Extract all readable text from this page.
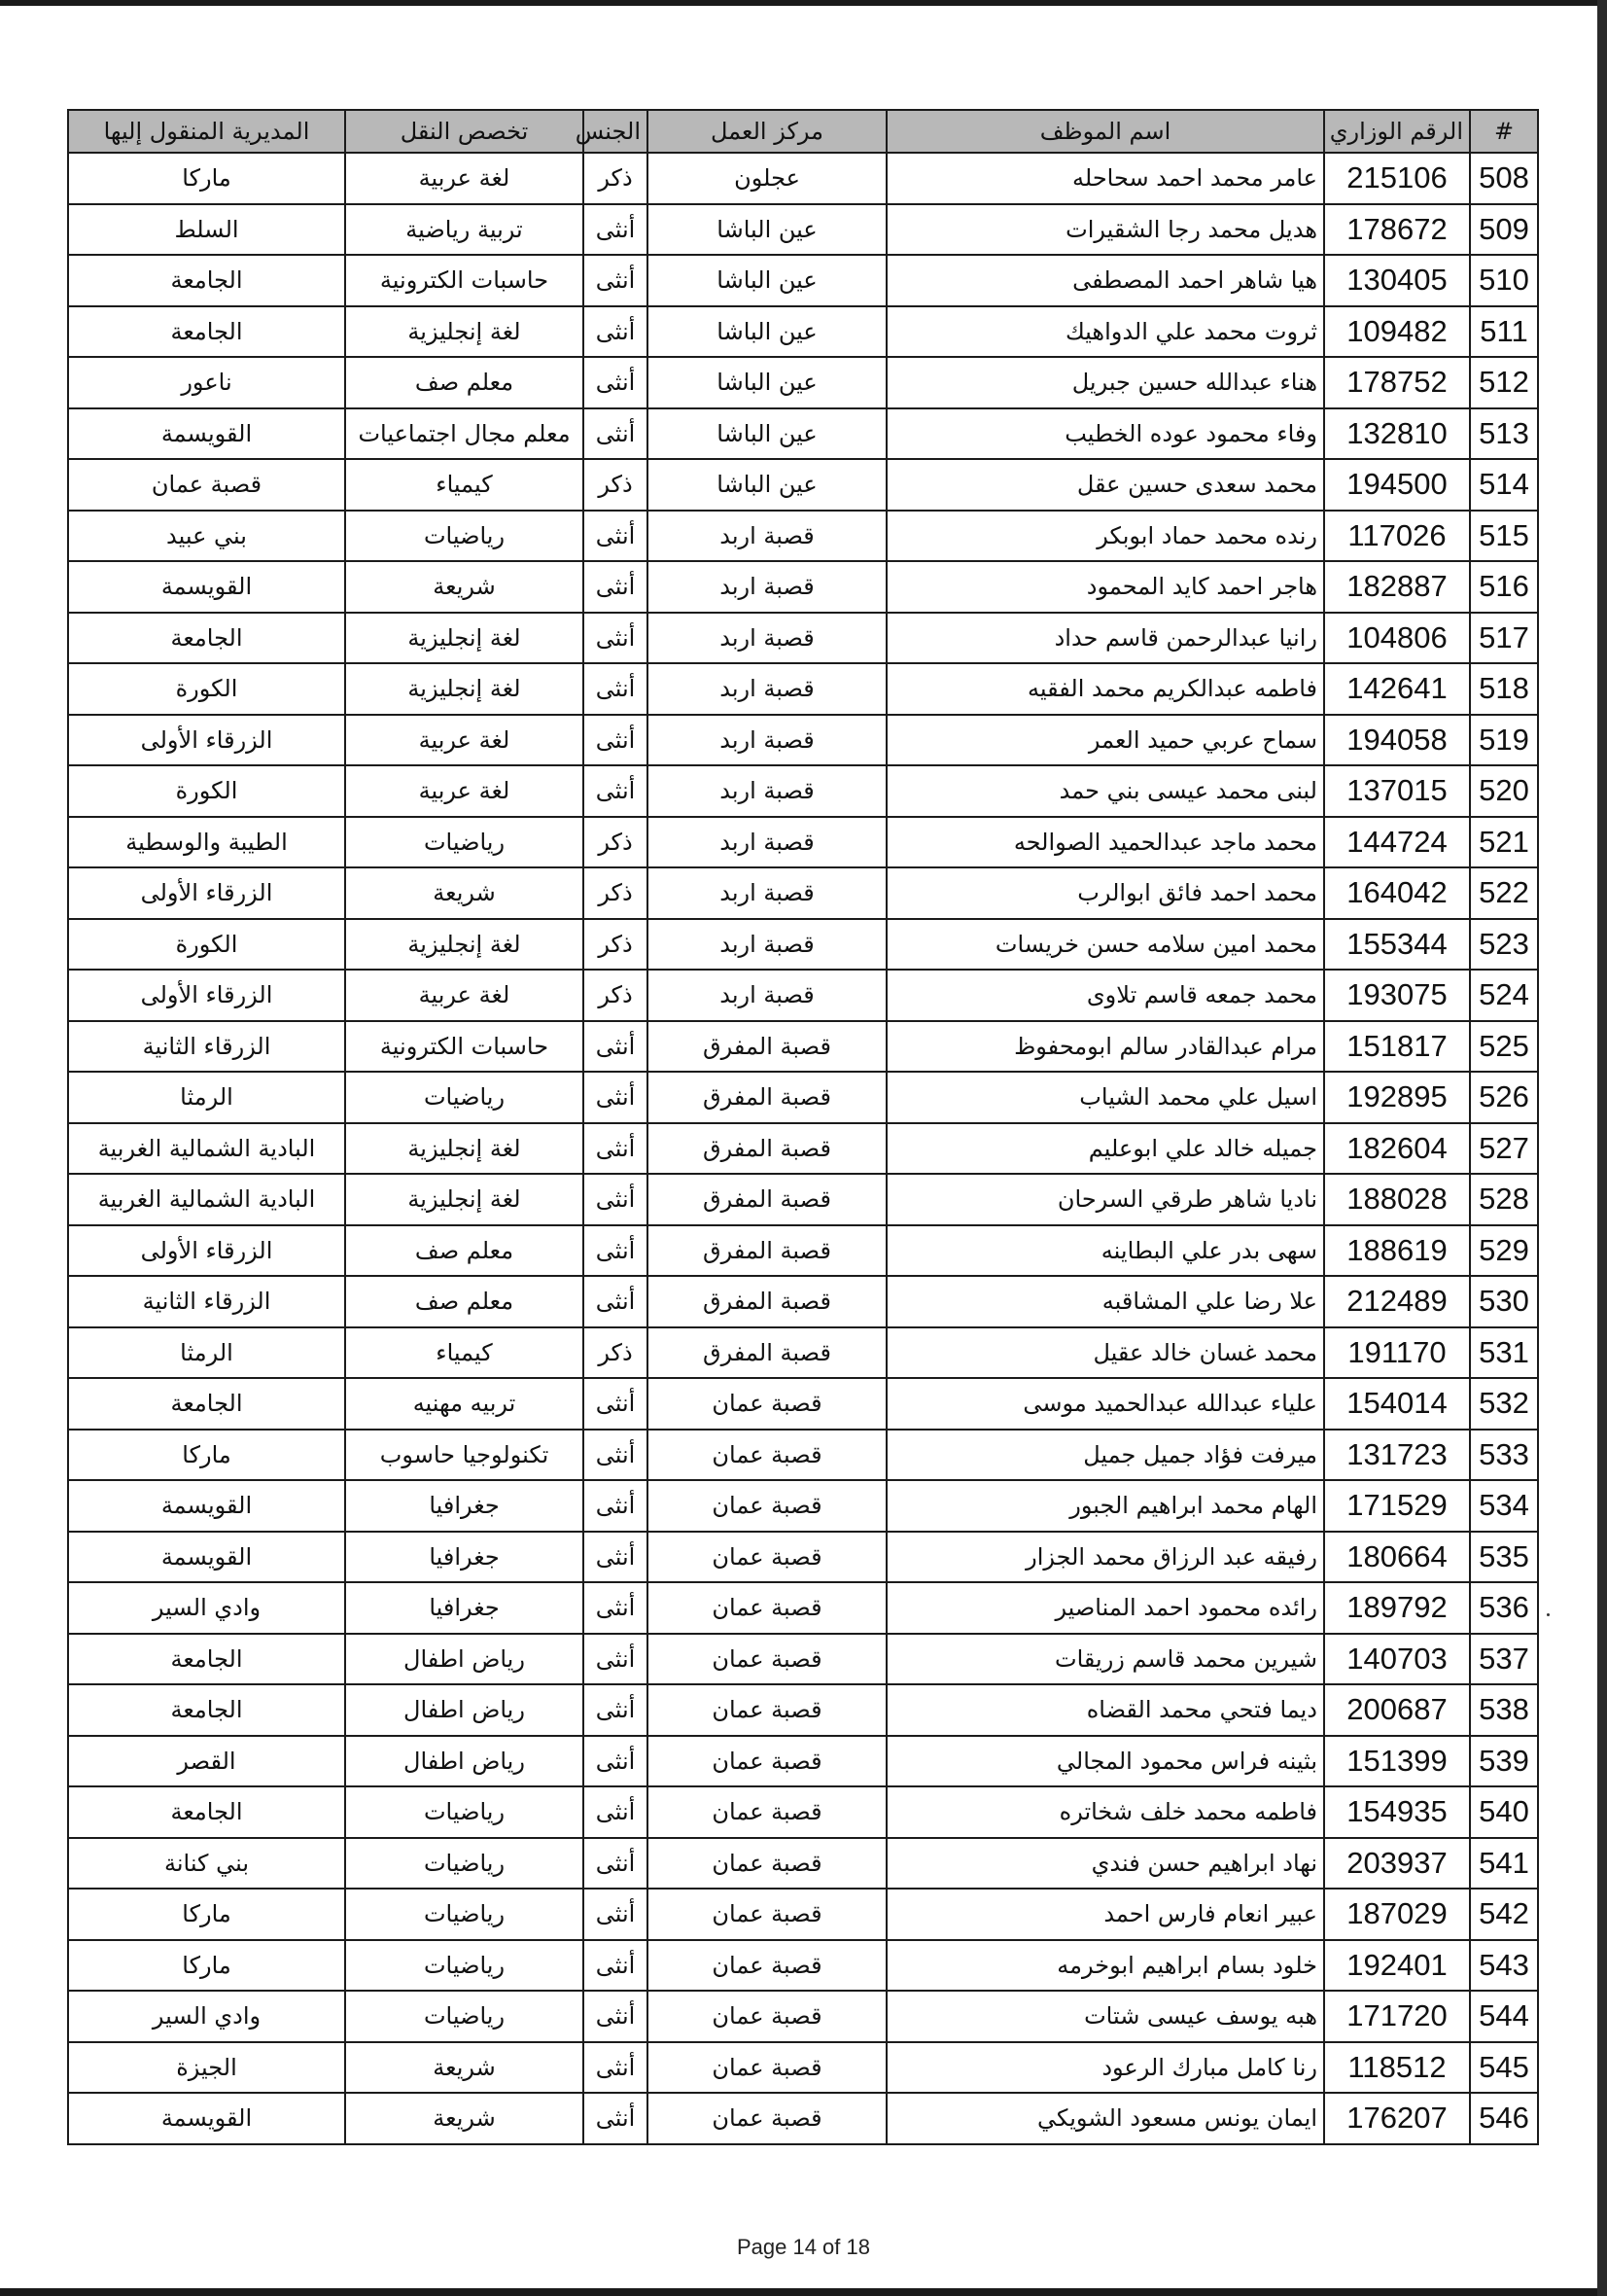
#	الرقم الوزاري	اسم الموظف	مركز العمل	الجنس	تخصص النقل	المديرية المنقول إليها
508	215106	عامر محمد احمد سحاحله	عجلون	ذكر	لغة عربية	ماركا
509	178672	هديل محمد رجا الشقيرات	عين الباشا	أنثى	تربية رياضية	السلط
510	130405	هيا شاهر احمد المصطفى	عين الباشا	أنثى	حاسبات الكترونية	الجامعة
511	109482	ثروت محمد علي الدواهيك	عين الباشا	أنثى	لغة إنجليزية	الجامعة
512	178752	هناء عبدالله حسين جبريل	عين الباشا	أنثى	معلم صف	ناعور
513	132810	وفاء محمود عوده الخطيب	عين الباشا	أنثى	معلم مجال اجتماعيات	القويسمة
514	194500	محمد سعدى حسين عقل	عين الباشا	ذكر	كيمياء	قصبة عمان
515	117026	رنده محمد حماد ابوبكر	قصبة اربد	أنثى	رياضيات	بني عبيد
516	182887	هاجر احمد كايد المحمود	قصبة اربد	أنثى	شريعة	القويسمة
517	104806	رانيا عبدالرحمن قاسم حداد	قصبة اربد	أنثى	لغة إنجليزية	الجامعة
518	142641	فاطمه عبدالكريم محمد الفقيه	قصبة اربد	أنثى	لغة إنجليزية	الكورة
519	194058	سماح عربي حميد العمر	قصبة اربد	أنثى	لغة عربية	الزرقاء الأولى
520	137015	لبنى محمد عيسى بني حمد	قصبة اربد	أنثى	لغة عربية	الكورة
521	144724	محمد ماجد عبدالحميد الصوالحه	قصبة اربد	ذكر	رياضيات	الطيبة والوسطية
522	164042	محمد احمد فائق ابوالرب	قصبة اربد	ذكر	شريعة	الزرقاء الأولى
523	155344	محمد امين سلامه حسن خريسات	قصبة اربد	ذكر	لغة إنجليزية	الكورة
524	193075	محمد جمعه قاسم تلاوى	قصبة اربد	ذكر	لغة عربية	الزرقاء الأولى
525	151817	مرام عبدالقادر سالم ابومحفوظ	قصبة المفرق	أنثى	حاسبات الكترونية	الزرقاء الثانية
526	192895	اسيل علي محمد الشياب	قصبة المفرق	أنثى	رياضيات	الرمثا
527	182604	جميله خالد علي ابوعليم	قصبة المفرق	أنثى	لغة إنجليزية	البادية الشمالية الغربية
528	188028	ناديا شاهر طرقي السرحان	قصبة المفرق	أنثى	لغة إنجليزية	البادية الشمالية الغربية
529	188619	سهى بدر علي البطاينه	قصبة المفرق	أنثى	معلم صف	الزرقاء الأولى
530	212489	علا رضا علي المشاقبه	قصبة المفرق	أنثى	معلم صف	الزرقاء الثانية
531	191170	محمد غسان خالد عقيل	قصبة المفرق	ذكر	كيمياء	الرمثا
532	154014	علياء عبدالله عبدالحميد موسى	قصبة عمان	أنثى	تربيه مهنيه	الجامعة
533	131723	ميرفت فؤاد جميل جميل	قصبة عمان	أنثى	تكنولوجيا حاسوب	ماركا
534	171529	الهام محمد ابراهيم الجبور	قصبة عمان	أنثى	جغرافيا	القويسمة
535	180664	رفيقه عبد الرزاق محمد الجزار	قصبة عمان	أنثى	جغرافيا	القويسمة
536	189792	رائده محمود احمد المناصير	قصبة عمان	أنثى	جغرافيا	وادي السير
537	140703	شيرين محمد قاسم زريقات	قصبة عمان	أنثى	رياض اطفال	الجامعة
538	200687	ديما فتحي محمد القضاه	قصبة عمان	أنثى	رياض اطفال	الجامعة
539	151399	بثينه فراس محمود المجالي	قصبة عمان	أنثى	رياض اطفال	القصر
540	154935	فاطمه محمد خلف شخاتره	قصبة عمان	أنثى	رياضيات	الجامعة
541	203937	نهاد ابراهيم حسن فندي	قصبة عمان	أنثى	رياضيات	بني كنانة
542	187029	عبير انعام فارس احمد	قصبة عمان	أنثى	رياضيات	ماركا
543	192401	خلود بسام ابراهيم ابوخرمه	قصبة عمان	أنثى	رياضيات	ماركا
544	171720	هبه يوسف عيسى شتات	قصبة عمان	أنثى	رياضيات	وادي السير
545	118512	رنا كامل مبارك الرعود	قصبة عمان	أنثى	شريعة	الجيزة
546	176207	ايمان يونس مسعود الشويكي	قصبة عمان	أنثى	شريعة	القويسمة
Page 14 of 18
